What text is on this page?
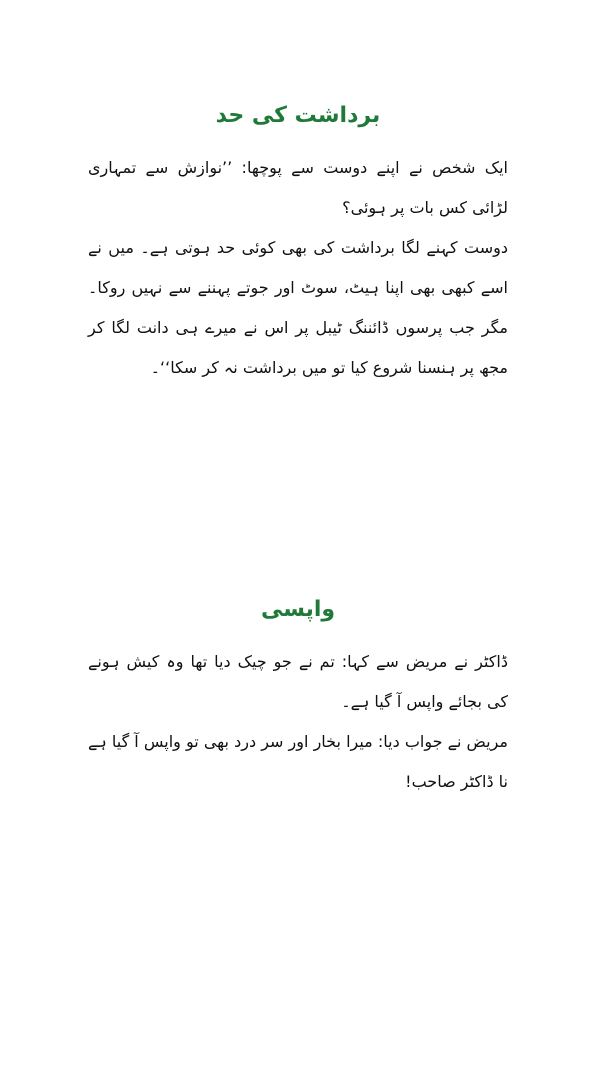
برداشت کی حد

ایک شخص نے اپنے دوست سے پوچھا: ’’نوازش سے تمہاری لڑائی کس بات پر ہوئی؟

دوست کہنے لگا برداشت کی بھی کوئی حد ہوتی ہے۔ میں نے اسے کبھی بھی اپنا ہیٹ، سوٹ اور جوتے پہننے سے نہیں روکا۔ مگر جب پرسوں ڈائننگ ٹیبل پر اس نے میرے ہی دانت لگا کر مجھ پر ہنسنا شروع کیا تو میں برداشت نہ کر سکا‘‘۔

واپسی

ڈاکٹر نے مریض سے کہا: تم نے جو چیک دیا تھا وہ کیش ہونے کی بجائے واپس آ گیا ہے۔

مریض نے جواب دیا: میرا بخار اور سر درد بھی تو واپس آ گیا ہے نا ڈاکٹر صاحب!
